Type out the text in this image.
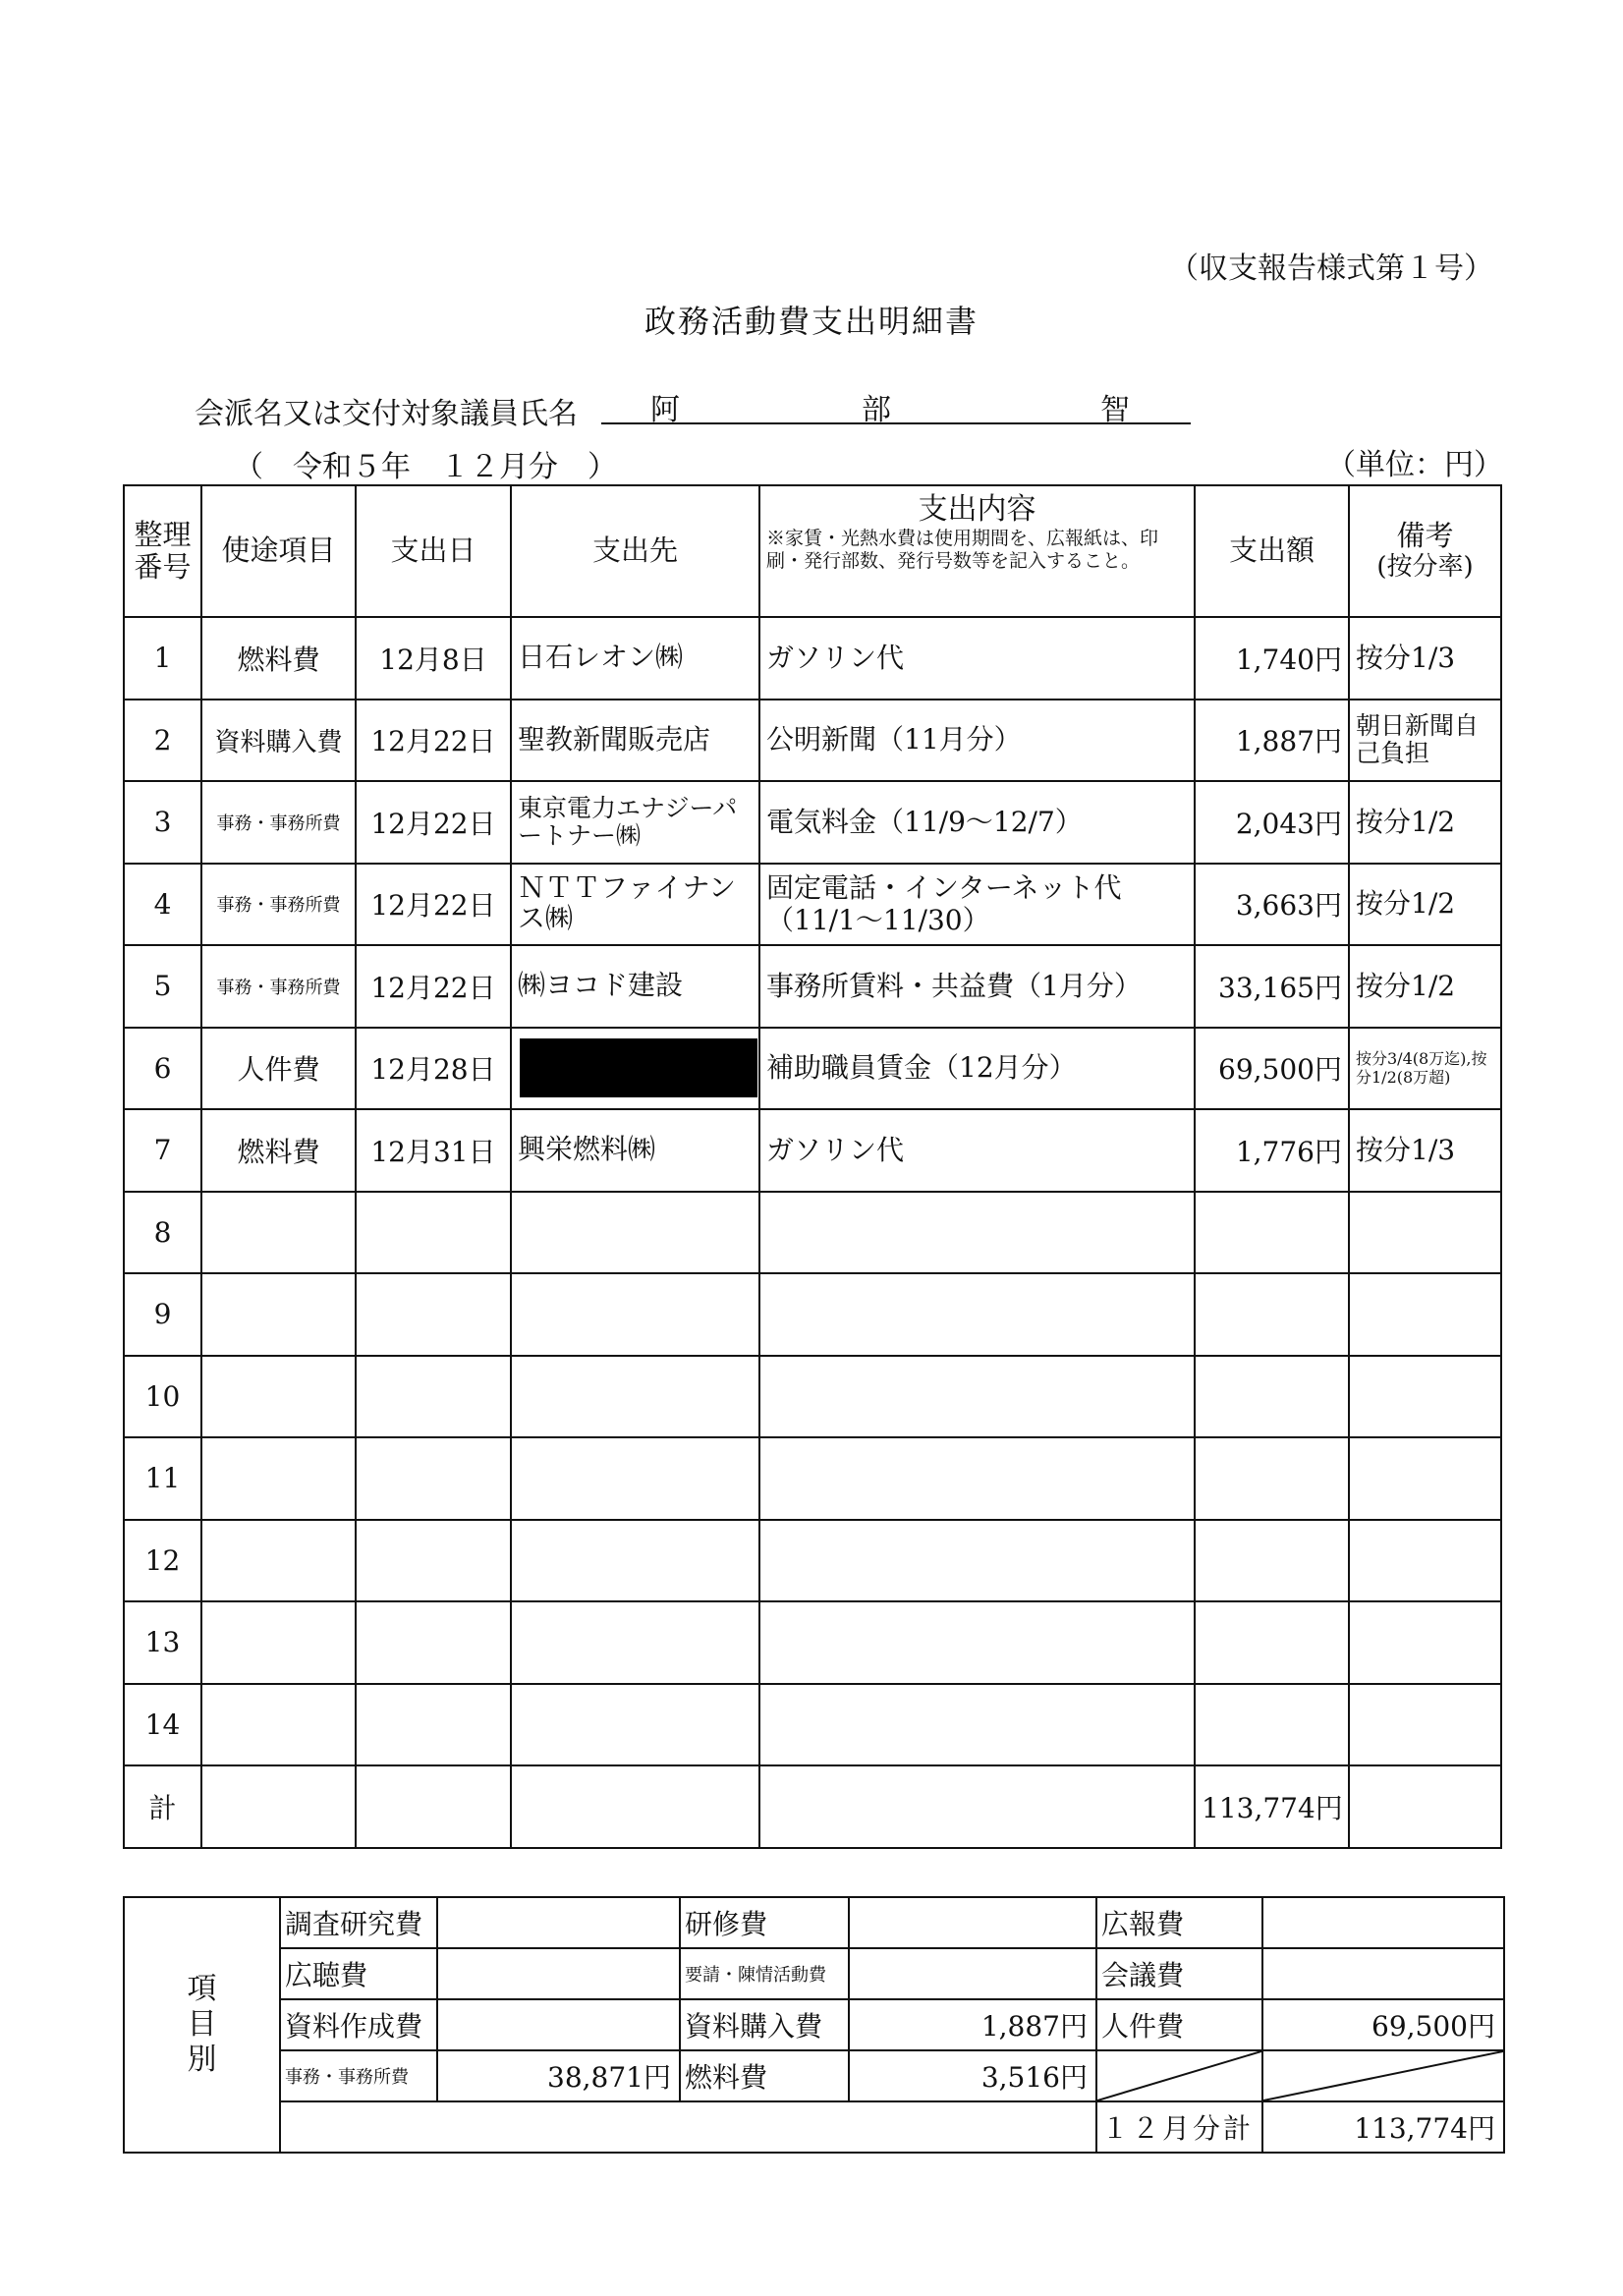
（収支報告様式第１号）
政務活動費支出明細書
会派名又は交付対象議員氏名 阿	部	智
（　令和５年　１２月分　）	（単位：円）
整理番号	使途項目	支出日	支出先	支出内容
※家賃・光熱水費は使用期間を、広報紙は、印刷・発行部数、発行号数等を記入すること。	支出額	備考
(按分率)

1	燃料費	12月8日	日石レオン㈱	ガソリン代	1,740円	按分1/3
2	資料購入費	12月22日	聖教新聞販売店	公明新聞（11月分）	1,887円	朝日新聞自己負担
3	事務・事務所費	12月22日	東京電力エナジーパートナー㈱	電気料金（11/9～12/7）	2,043円	按分1/2
4	事務・事務所費	12月22日	ＮＴＴファイナンス㈱	固定電話・インターネット代（11/1～11/30）	3,663円	按分1/2
5	事務・事務所費	12月22日	㈱ヨコド建設	事務所賃料・共益費（1月分）	33,165円	按分1/2
6	人件費	12月28日		補助職員賃金（12月分）	69,500円	按分3/4(8万迄),按分1/2(8万超)
7	燃料費	12月31日	興栄燃料㈱	ガソリン代	1,776円	按分1/3
8						
9						
10						
11						
12						
13						
14						
計					113,774円	
項目別	調査研究費		研修費		広報費	
	広聴費		要請・陳情活動費		会議費	
	資料作成費		資料購入費	1,887円	人件費	69,500円
	事務・事務所費	38,871円	燃料費	3,516円	

					１２月分計	113,774円
